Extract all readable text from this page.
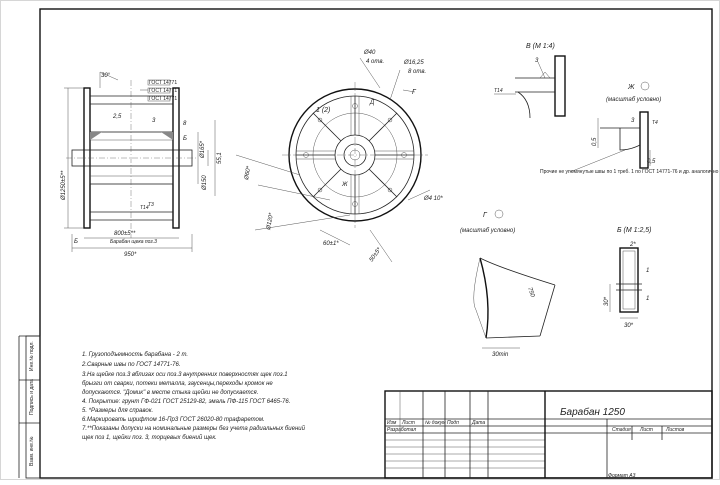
Инв.№ подл.
Подпись и дата
Взам. инв.№
30°
2,5
8
3
Б
Ø1250±5**
Ø165*
Ø150
55,1
800±5**
950*
Б
Т3
Т14
Барабан щека поз.3
ГОСТ 14771
ГОСТ 14771
ГОСТ 14771
Ø40
4 отв.	Ø16,25
8 отв.
Г
1 (2)
Ø4 10*
Ø60*
Ø120*
60±1*
50±5*
Ж
Д
В (М 1:4)
3
Т14	Ж
(масштаб условно)
0,5
3	Т4
0,5
Прочие не упомянутые швы по 1 треб. 1 по ГОСТ 14771-76 и др. аналогично
Г
(масштаб условно)
30min
750
Б (М 1:2,5)
2*
1
30*
30*
1
1. Грузоподъемность барабана - 2 т.
2.Сварные швы по ГОСТ 14771-76.
3.На щейке поз.3 вблизах оси поз.3 внутренних поверхностях щек поз.1
брызги от сварки, потеки металла, заусенцы,переходы кромок не
допускаются. "Домик" в месте стыка щейки не допускается.
4. Покрытие: грунт ГФ-021 ГОСТ 25129-82, эмаль ПФ-115 ГОСТ 6465-76.
5. *Размеры для справок.
6.Маркировать шрифтом 16-Пр3 ГОСТ 26020-80 трафаретом.
7.**Показаны допуски на номинальные размеры без учета радиальных биений
щек поз 1, щейки поз. 3, торцевых биений щек.
Изм Лист № докум Подп	Дата
Разработал
Барабан 1250
Стадия Лист	Листов
Формат А3
